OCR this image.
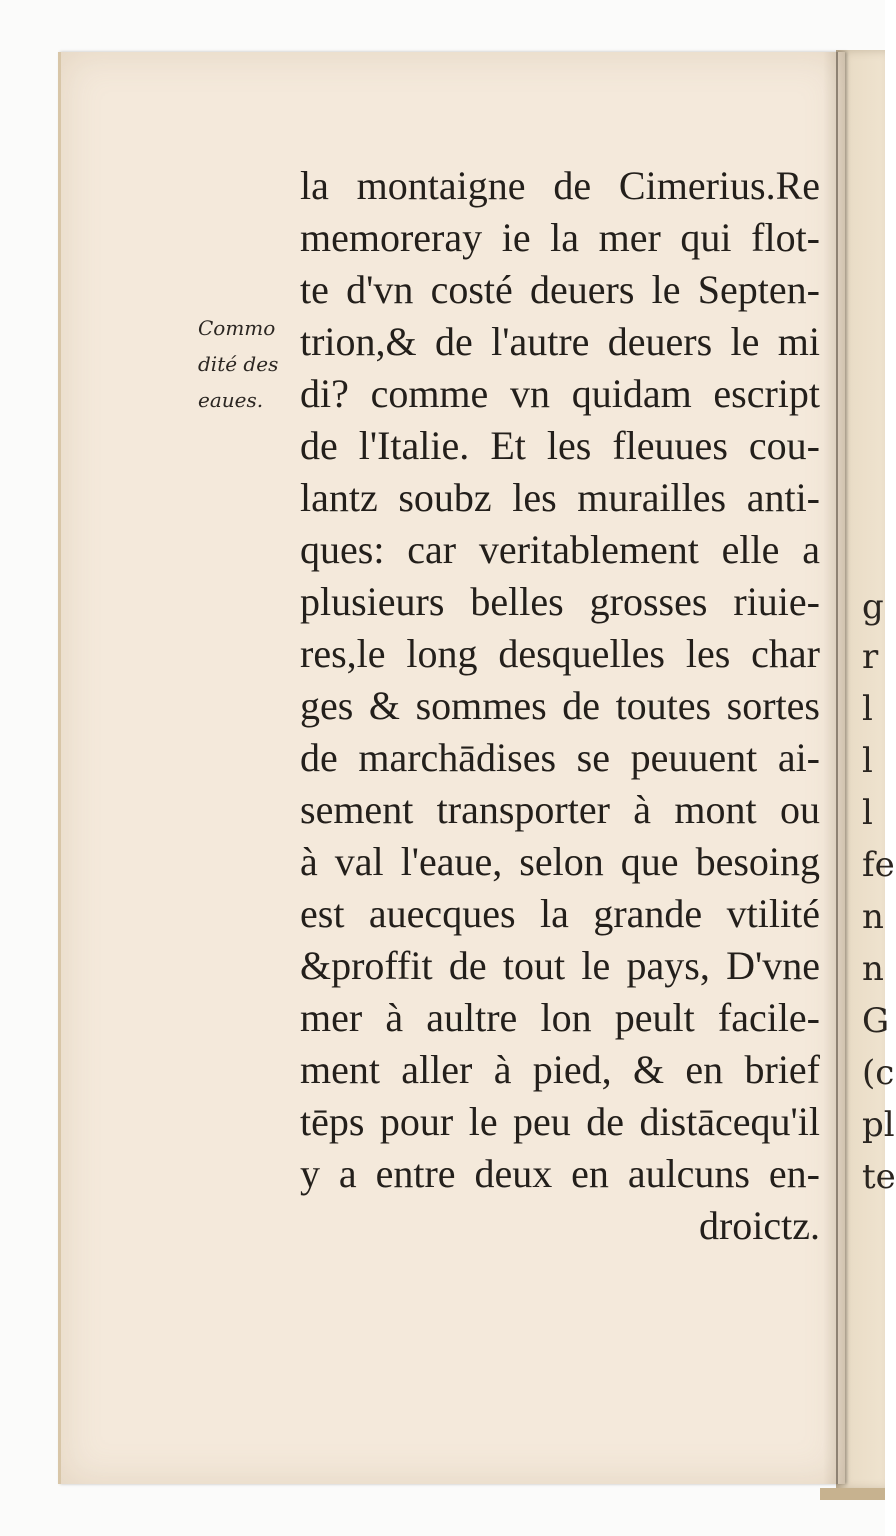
g
r
l
l
l
fe
n
n
G
(c
pl
te
Commo
dité des
eaues.
la montaigne de Cimerius.Re
memoreray ie la mer qui flot-
te d'vn costé deuers le Septen-
trion,& de l'autre deuers le mi
di? comme vn quidam escript
de l'Italie. Et les fleuues cou-
lantz soubz les murailles anti-
ques: car veritablement elle a
plusieurs belles grosses riuie-
res,le long desquelles les char
ges & sommes de toutes sortes
de marchādises se peuuent ai-
sement transporter à mont ou
à val l'eaue, selon que besoing
est auecques la grande vtilité
&proffit de tout le pays, D'vne
mer à aultre lon peult facile-
ment aller à pied, & en brief
tēps pour le peu de distācequ'il
y a entre deux en aulcuns en-
droictz.
